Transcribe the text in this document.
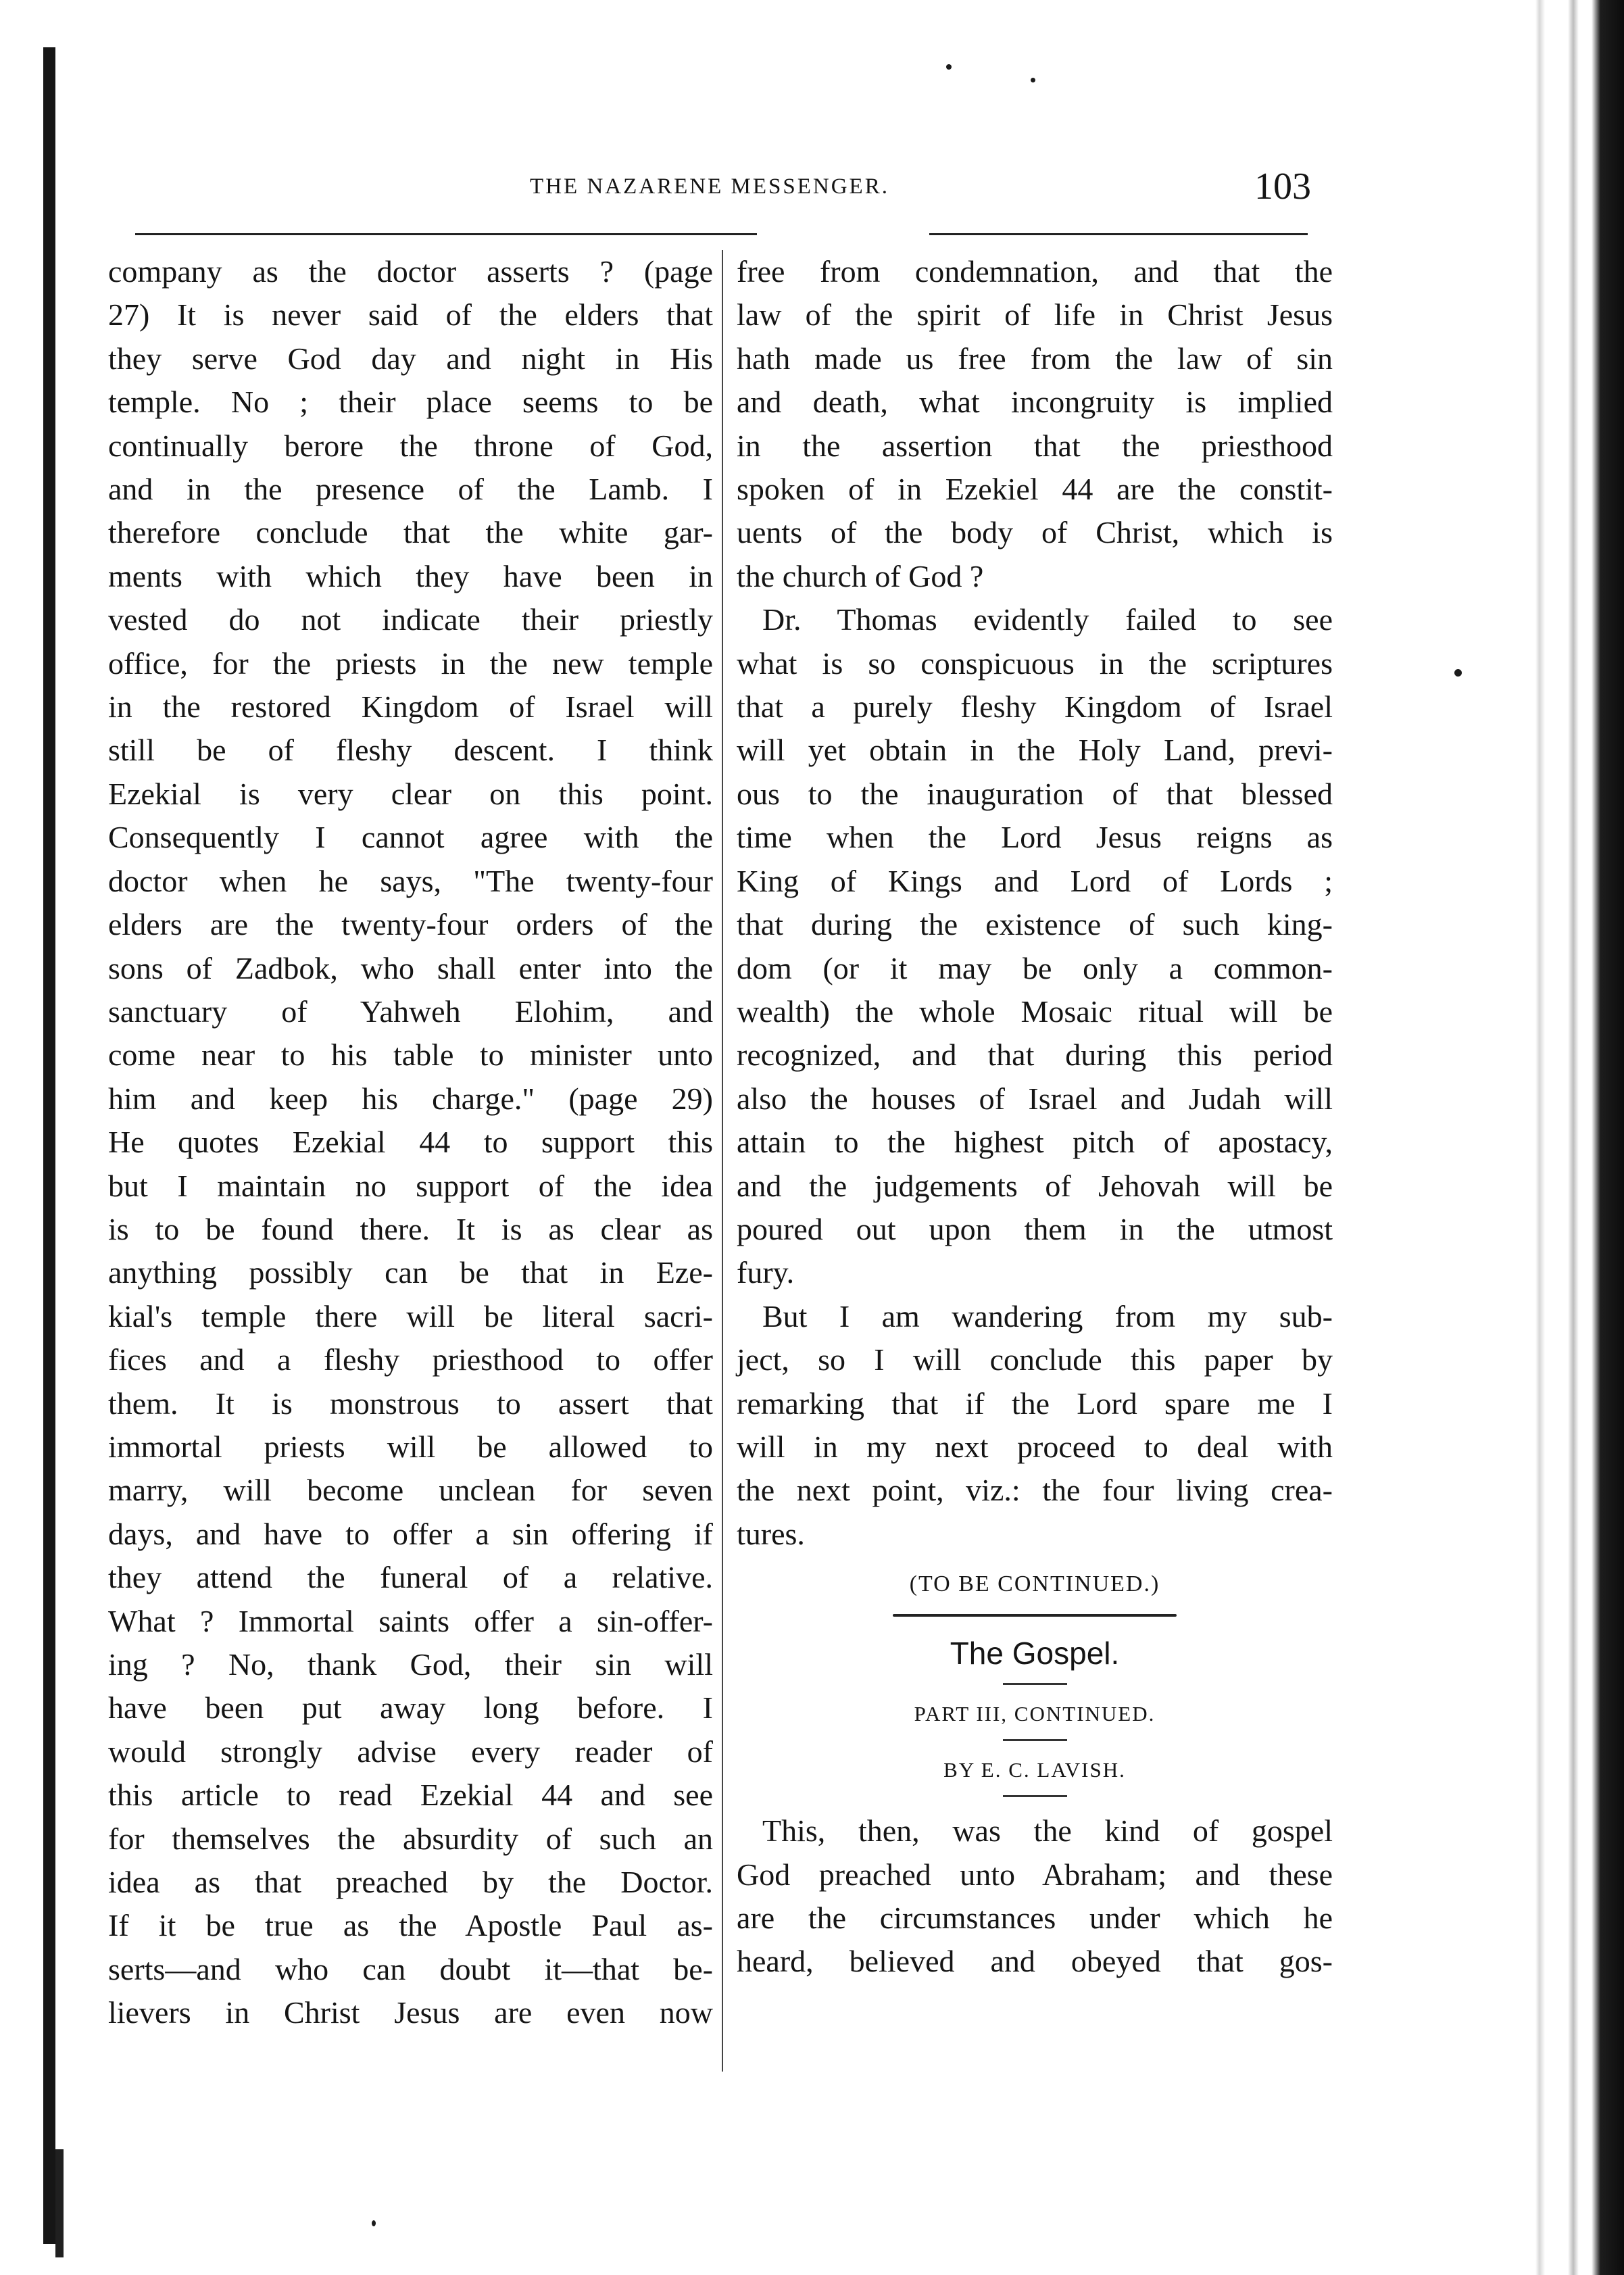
THE NAZARENE MESSENGER.	103

company as the doctor asserts ? (page

27) It is never said of the elders that

they serve God day and night in His

temple. No ; their place seems to be

continually berore the throne of God,

and in the presence of the Lamb. I

therefore conclude that the white gar-

ments with which they have been in

vested do not indicate their priestly

office, for the priests in the new temple

in the restored Kingdom of Israel will

still be of fleshy descent. I think

Ezekial is very clear on this point.

Consequently I cannot agree with the

doctor when he says, "The twenty-four

elders are the twenty-four orders of the

sons of Zadbok, who shall enter into the

sanctuary of Yahweh Elohim, and

come near to his table to minister unto

him and keep his charge." (page 29)

He quotes Ezekial 44 to support this

but I maintain no support of the idea

is to be found there. It is as clear as

anything possibly can be that in Eze-

kial's temple there will be literal sacri-

fices and a fleshy priesthood to offer

them. It is monstrous to assert that

immortal priests will be allowed to

marry, will become unclean for seven

days, and have to offer a sin offering if

they attend the funeral of a relative.

What ? Immortal saints offer a sin-offer-

ing ? No, thank God, their sin will

have been put away long before. I

would strongly advise every reader of

this article to read Ezekial 44 and see

for themselves the absurdity of such an

idea as that preached by the Doctor.

If it be true as the Apostle Paul as-

serts—and who can doubt it—that be-

lievers in Christ Jesus are even now

free from condemnation, and that the

law of the spirit of life in Christ Jesus

hath made us free from the law of sin

and death, what incongruity is implied

in the assertion that the priesthood

spoken of in Ezekiel 44 are the constit-

uents of the body of Christ, which is

the church of God ?

Dr. Thomas evidently failed to see

what is so conspicuous in the scriptures

that a purely fleshy Kingdom of Israel

will yet obtain in the Holy Land, previ-

ous to the inauguration of that blessed

time when the Lord Jesus reigns as

King of Kings and Lord of Lords ;

that during the existence of such king-

dom (or it may be only a common-

wealth) the whole Mosaic ritual will be

recognized, and that during this period

also the houses of Israel and Judah will

attain to the highest pitch of apostacy,

and the judgements of Jehovah will be

poured out upon them in the utmost

fury.

But I am wandering from my sub-

ject, so I will conclude this paper by

remarking that if the Lord spare me I

will in my next proceed to deal with

the next point, viz.: the four living crea-

tures.

(TO BE CONTINUED.)

The Gospel.

PART III, CONTINUED.

BY E. C. LAVISH.

This, then, was the kind of gospel

God preached unto Abraham; and these

are the circumstances under which he

heard, believed and obeyed that gos-
